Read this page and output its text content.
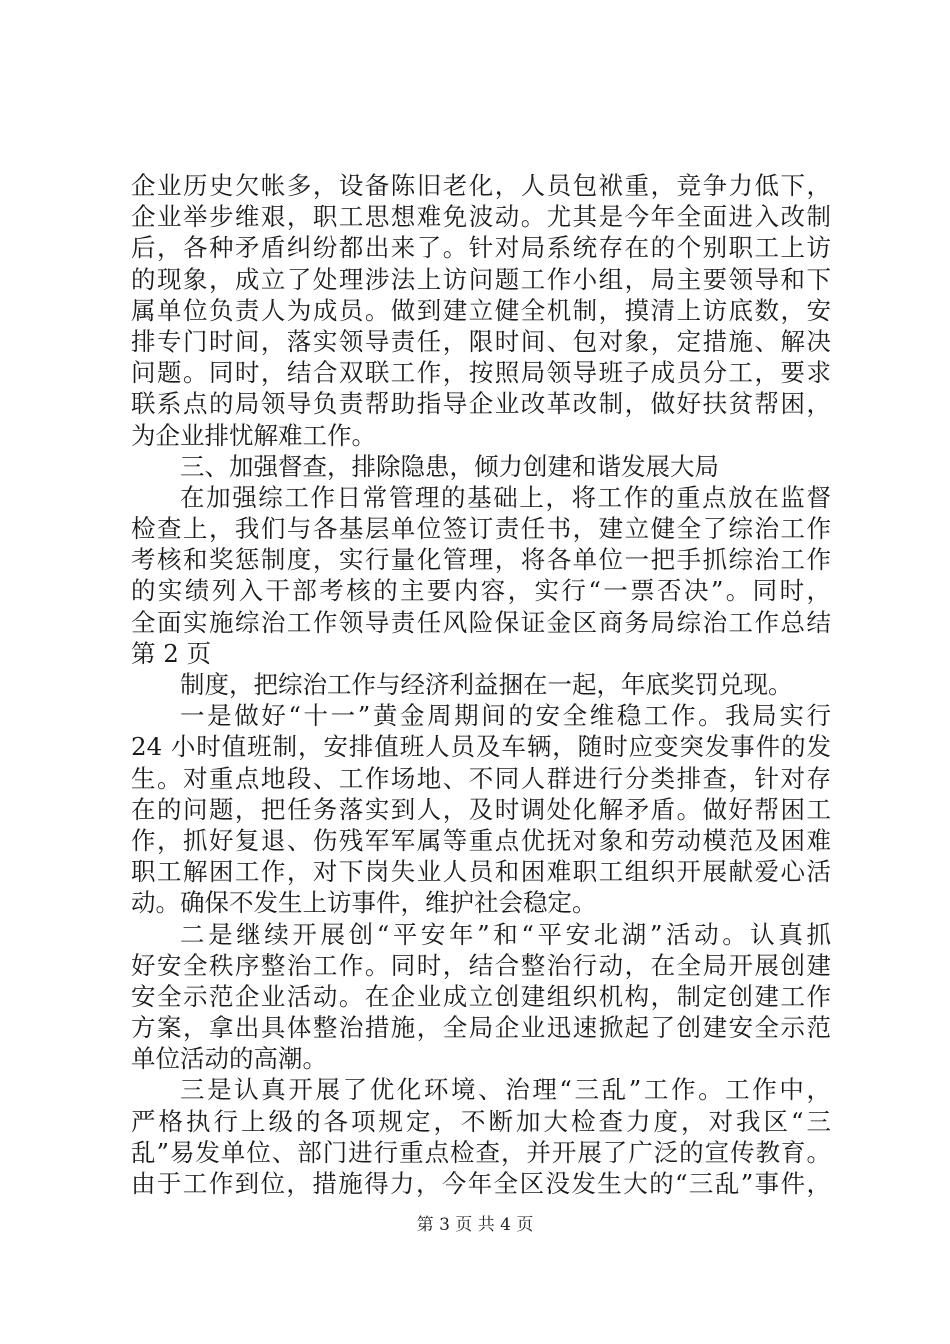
企业历史欠帐多，设备陈旧老化，人员包袱重，竞争力低下，
企业举步维艰，职工思想难免波动。尤其是今年全面进入改制
后，各种矛盾纠纷都出来了。针对局系统存在的个别职工上访
的现象，成立了处理涉法上访问题工作小组，局主要领导和下
属单位负责人为成员。做到建立健全机制，摸清上访底数，安
排专门时间，落实领导责任，限时间、包对象，定措施、解决
问题。同时，结合双联工作，按照局领导班子成员分工，要求
联系点的局领导负责帮助指导企业改革改制，做好扶贫帮困，
为企业排忧解难工作。
三、加强督查，排除隐患，倾力创建和谐发展大局
在加强综工作日常管理的基础上，将工作的重点放在监督
检查上，我们与各基层单位签订责任书，建立健全了综治工作
考核和奖惩制度，实行量化管理，将各单位一把手抓综治工作
的实绩列入干部考核的主要内容，实行“一票否决”。同时，
全面实施综治工作领导责任风险保证金区商务局综治工作总结
第 2 页
制度，把综治工作与经济利益捆在一起，年底奖罚兑现。
一是做好“十一”黄金周期间的安全维稳工作。我局实行
24 小时值班制，安排值班人员及车辆，随时应变突发事件的发
生。对重点地段、工作场地、不同人群进行分类排查，针对存
在的问题，把任务落实到人，及时调处化解矛盾。做好帮困工
作，抓好复退、伤残军军属等重点优抚对象和劳动模范及困难
职工解困工作，对下岗失业人员和困难职工组织开展献爱心活
动。确保不发生上访事件，维护社会稳定。
二是继续开展创“平安年”和“平安北湖”活动。认真抓
好安全秩序整治工作。同时，结合整治行动，在全局开展创建
安全示范企业活动。在企业成立创建组织机构，制定创建工作
方案，拿出具体整治措施，全局企业迅速掀起了创建安全示范
单位活动的高潮。
三是认真开展了优化环境、治理“三乱”工作。工作中，
严格执行上级的各项规定，不断加大检查力度，对我区“三
乱”易发单位、部门进行重点检查，并开展了广泛的宣传教育。
由于工作到位，措施得力，今年全区没发生大的“三乱”事件，
第 3 页 共 4 页
